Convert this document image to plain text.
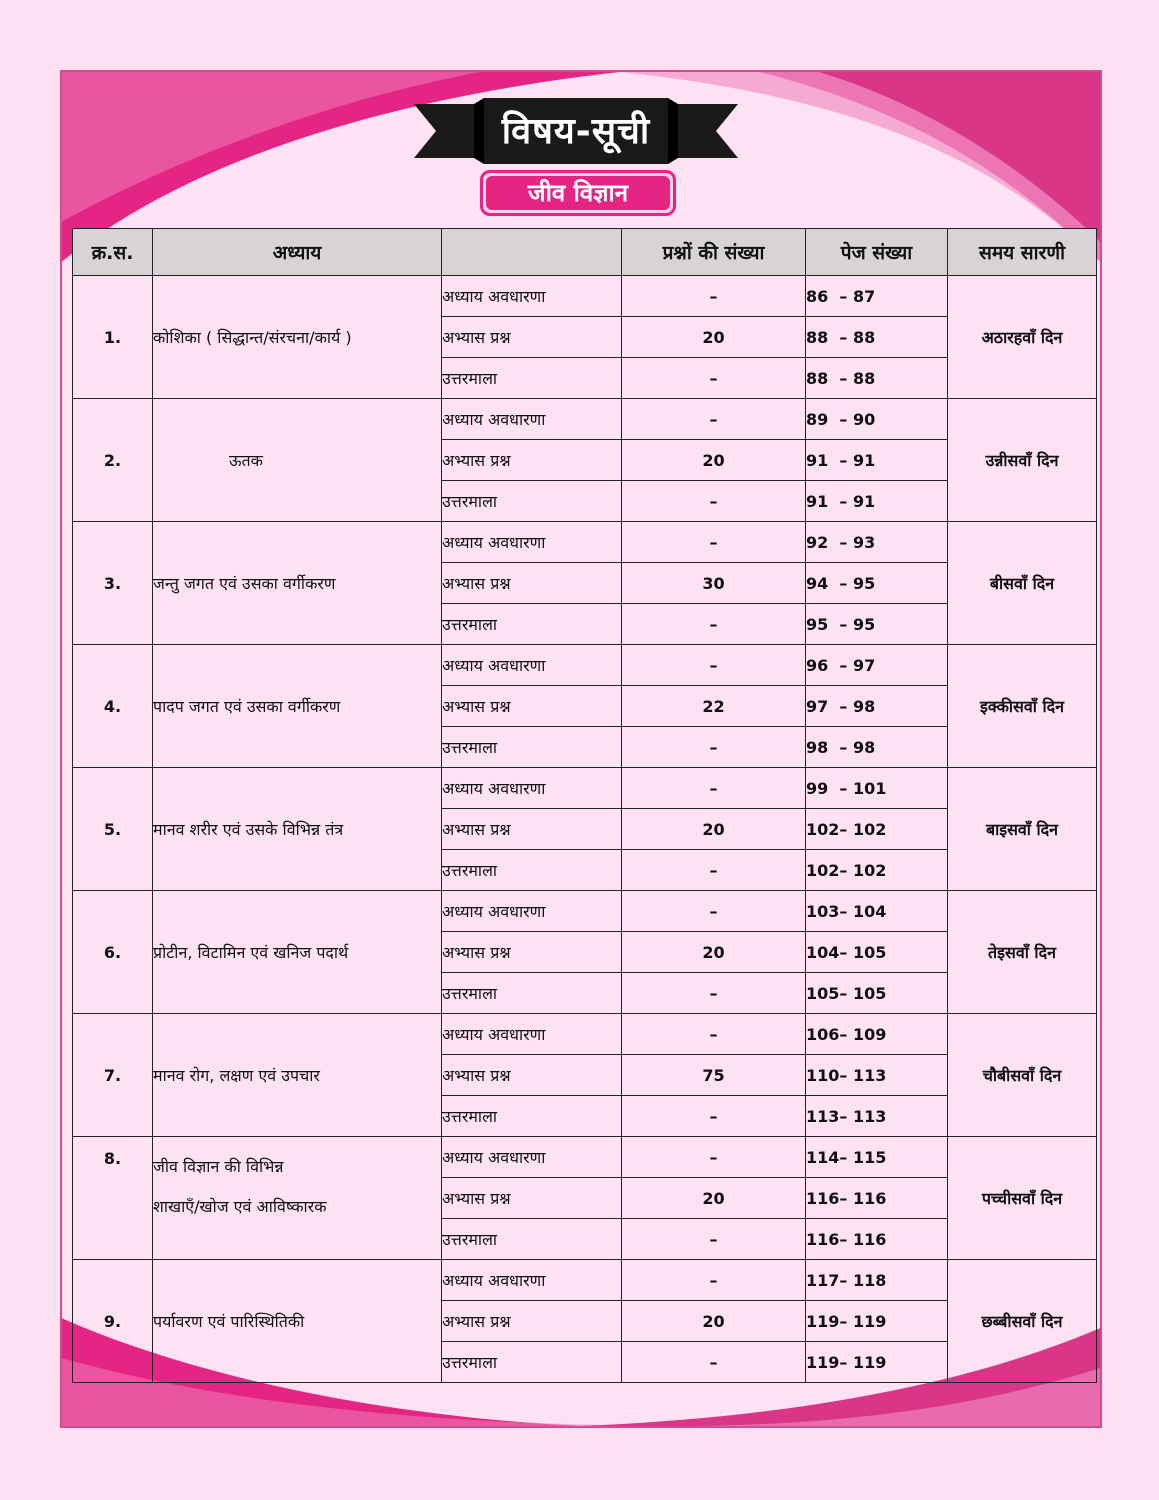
विषय-सूची
जीव विज्ञान
क्र.स.	अध्याय		प्रश्नों की संख्या	पेज संख्या	समय सारणी
1.	कोशिका ( सिद्धान्त/संरचना/कार्य )	अध्याय अवधारणा	–	86  – 87	अठारहवाँ दिन
		अभ्यास प्रश्न	20	88  – 88	
		उत्तरमाला	–	88  – 88	
2.	ऊतक	अध्याय अवधारणा	–	89  – 90	उन्नीसवाँ दिन
		अभ्यास प्रश्न	20	91  – 91	
		उत्तरमाला	–	91  – 91	
3.	जन्तु जगत एवं उसका वर्गीकरण	अध्याय अवधारणा	–	92  – 93	बीसवाँ दिन
		अभ्यास प्रश्न	30	94  – 95	
		उत्तरमाला	–	95  – 95	
4.	पादप जगत एवं उसका वर्गीकरण	अध्याय अवधारणा	–	96  – 97	इक्कीसवाँ दिन
		अभ्यास प्रश्न	22	97  – 98	
		उत्तरमाला	–	98  – 98	
5.	मानव शरीर एवं उसके विभिन्न तंत्र	अध्याय अवधारणा	–	99  – 101	बाइसवाँ दिन
		अभ्यास प्रश्न	20	102– 102	
		उत्तरमाला	–	102– 102	
6.	प्रोटीन, विटामिन एवं खनिज पदार्थ	अध्याय अवधारणा	–	103– 104	तेइसवाँ दिन
		अभ्यास प्रश्न	20	104– 105	
		उत्तरमाला	–	105– 105	
7.	मानव रोग, लक्षण एवं उपचार	अध्याय अवधारणा	–	106– 109	चौबीसवाँ दिन
		अभ्यास प्रश्न	75	110– 113	
		उत्तरमाला	–	113– 113	
8.	जीव विज्ञान की विभिन्न
शाखाएँ/खोज एवं आविष्कारक	अध्याय अवधारणा	–	114– 115	पच्चीसवाँ दिन
		अभ्यास प्रश्न	20	116– 116	
		उत्तरमाला	–	116– 116	
9.	पर्यावरण एवं पारिस्थितिकी	अध्याय अवधारणा	–	117– 118	छब्बीसवाँ दिन
		अभ्यास प्रश्न	20	119– 119	
		उत्तरमाला	–	119– 119	
